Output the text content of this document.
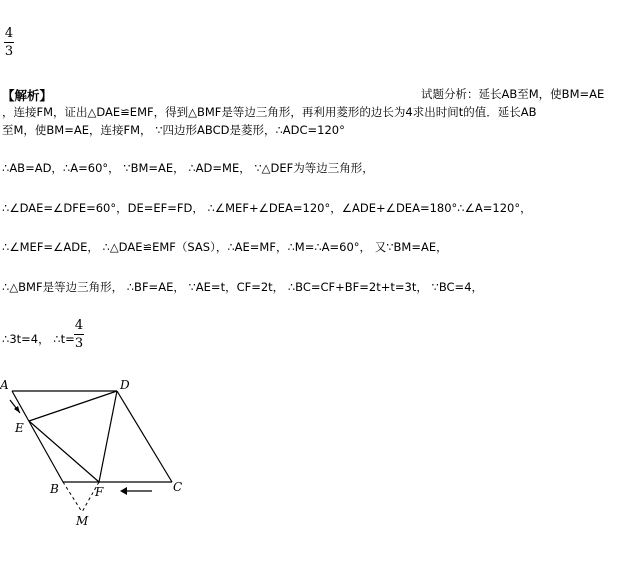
4
3
【解析】	试题分析：延长AB至M，使BM=AE
，连接FM，证出△DAE≌EMF，得到△BMF是等边三角形，再利用菱形的边长为4求出时间t的值．延长AB
至M，使BM=AE，连接FM， ∵四边形ABCD是菱形，∴ADC=120°
∴AB=AD，∴A=60°， ∵BM=AE， ∴AD=ME， ∵△DEF为等边三角形，
∴∠DAE=∠DFE=60°，DE=EF=FD， ∴∠MEF+∠DEA=120°，∠ADE+∠DEA=180°∴∠A=120°，
∴∠MEF=∠ADE， ∴△DAE≌EMF（SAS），∴AE=MF，∴M=∴A=60°， 又∵BM=AE，
∴△BMF是等边三角形， ∴BF=AE， ∵AE=t，CF=2t， ∴BC=CF+BF=2t+t=3t， ∵BC=4，
∴3t=4， ∴t=
4
3
A	D
E
B	F	C
M
